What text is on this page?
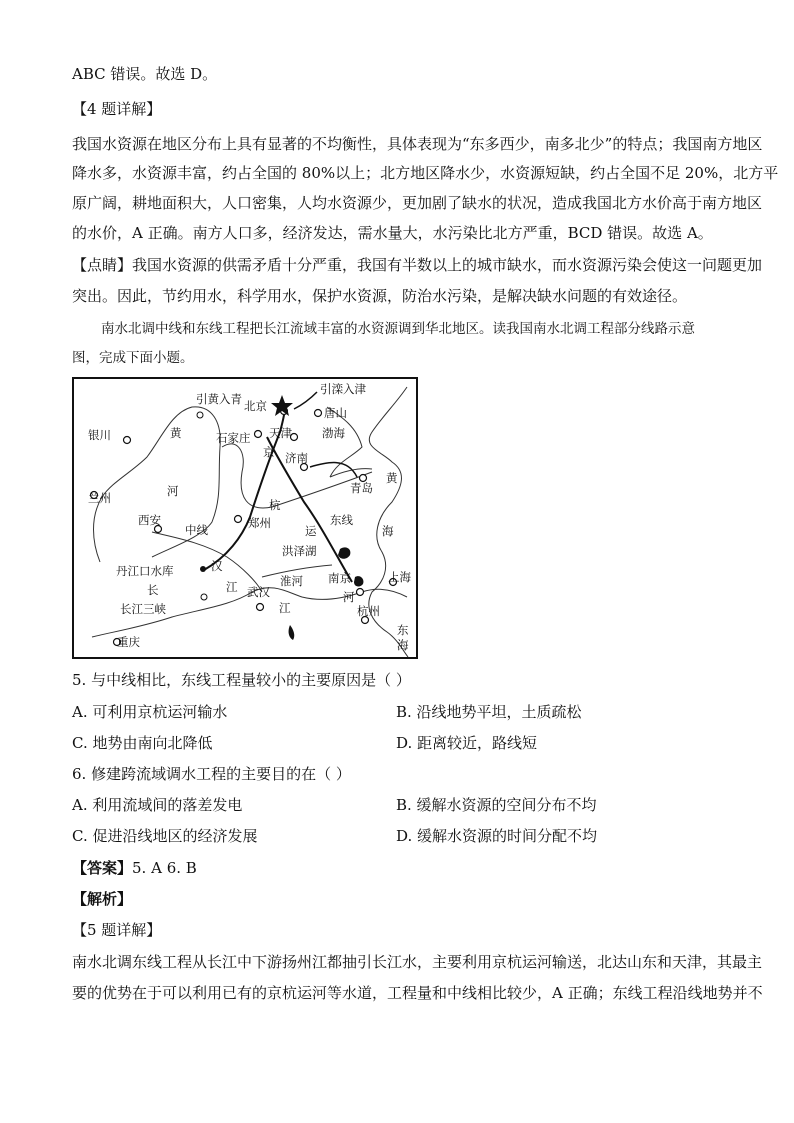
ABC 错误。故选 D。
【4 题详解】
我国水资源在地区分布上具有显著的不均衡性，具体表现为“东多西少，南多北少”的特点；我国南方地区
降水多，水资源丰富，约占全国的 80%以上；北方地区降水少，水资源短缺，约占全国不足 20%，北方平
原广阔，耕地面积大，人口密集，人均水资源少，更加剧了缺水的状况，造成我国北方水价高于南方地区
的水价，A 正确。南方人口多，经济发达，需水量大，水污染比北方严重，BCD 错误。故选 A。
【点睛】我国水资源的供需矛盾十分严重，我国有半数以上的城市缺水，而水资源污染会使这一问题更加
突出。因此，节约用水，科学用水，保护水资源，防治水污染，是解决缺水问题的有效途径。
南水北调中线和东线工程把长江流域丰富的水资源调到华北地区。读我国南水北调工程部分线路示意
图，完成下面小题。
引黄入青 北京
引滦入津
唐山
银川	黄	石家庄 天津	渤海
京 济南
青岛
黄
河
兰州	杭
西安	郑州	东线
海
中线	运
洪泽湖
丹江口水库	汉
淮河 南京	上海
江 武汉	河
长
长江三峡	江	杭州
东
海
重庆
5. 与中线相比，东线工程量较小的主要原因是（ ）
A. 可利用京杭运河输水	B. 沿线地势平坦，土质疏松
C. 地势由南向北降低	D. 距离较近，路线短
6. 修建跨流域调水工程的主要目的在（ ）
A. 利用流域间的落差发电	B. 缓解水资源的空间分布不均
C. 促进沿线地区的经济发展	D. 缓解水资源的时间分配不均
【答案】5. A 6. B
【解析】
【5 题详解】
南水北调东线工程从长江中下游扬州江都抽引长江水，主要利用京杭运河输送，北达山东和天津，其最主
要的优势在于可以利用已有的京杭运河等水道，工程量和中线相比较少，A 正确；东线工程沿线地势并不
